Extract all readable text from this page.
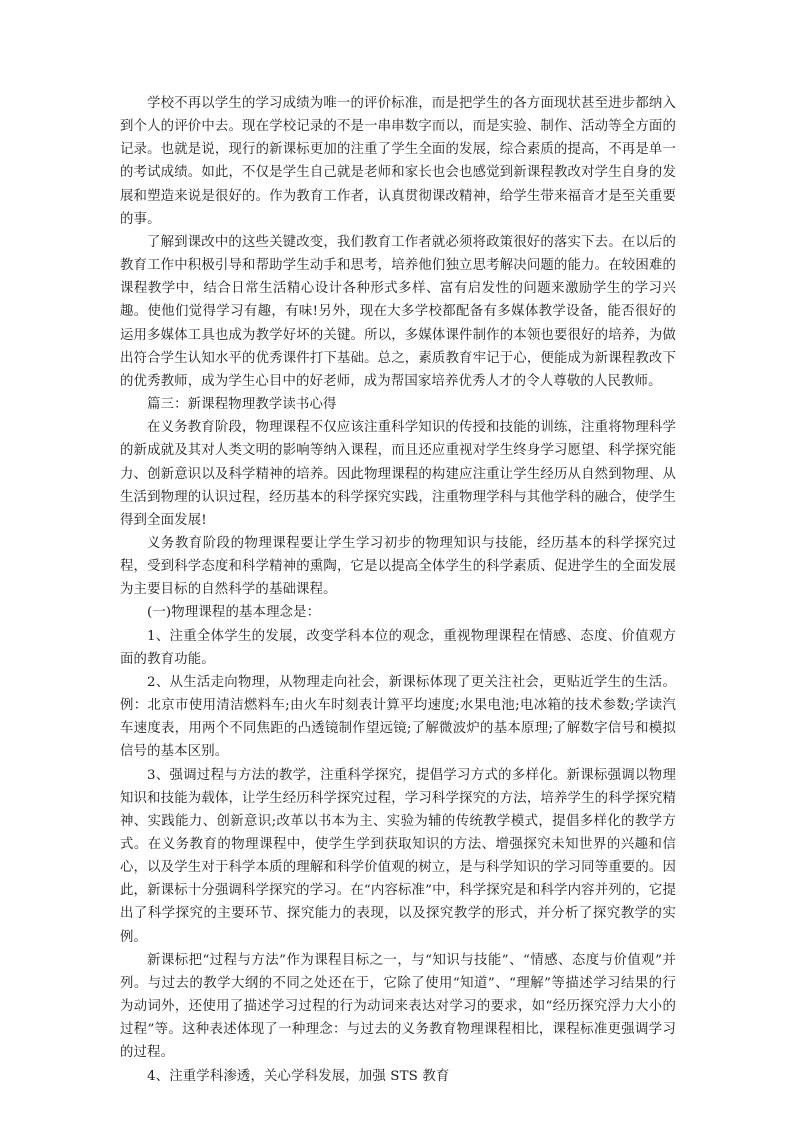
学校不再以学生的学习成绩为唯一的评价标准，而是把学生的各方面现状甚至进步都纳入到个人的评价中去。现在学校记录的不是一串串数字而以，而是实验、制作、活动等全方面的记录。也就是说，现行的新课标更加的注重了学生全面的发展，综合素质的提高，不再是单一的考试成绩。如此，不仅是学生自己就是老师和家长也会也感觉到新课程教改对学生自身的发展和塑造来说是很好的。作为教育工作者，认真贯彻课改精神，给学生带来福音才是至关重要的事。

了解到课改中的这些关键改变，我们教育工作者就必须将政策很好的落实下去。在以后的教育工作中积极引导和帮助学生动手和思考，培养他们独立思考解决问题的能力。在较困难的课程教学中，结合日常生活精心设计各种形式多样、富有启发性的问题来激励学生的学习兴趣。使他们觉得学习有趣，有味!另外，现在大多学校都配备有多媒体教学设备，能否很好的运用多媒体工具也成为教学好坏的关键。所以，多媒体课件制作的本领也要很好的培养，为做出符合学生认知水平的优秀课件打下基础。总之，素质教育牢记于心，便能成为新课程教改下的优秀教师，成为学生心目中的好老师，成为帮国家培养优秀人才的令人尊敬的人民教师。

篇三：新课程物理教学读书心得

在义务教育阶段，物理课程不仅应该注重科学知识的传授和技能的训练，注重将物理科学的新成就及其对人类文明的影响等纳入课程，而且还应重视对学生终身学习愿望、科学探究能力、创新意识以及科学精神的培养。因此物理课程的构建应注重让学生经历从自然到物理、从生活到物理的认识过程，经历基本的科学探究实践，注重物理学科与其他学科的融合，使学生得到全面发展!

义务教育阶段的物理课程要让学生学习初步的物理知识与技能，经历基本的科学探究过程，受到科学态度和科学精神的熏陶，它是以提高全体学生的科学素质、促进学生的全面发展为主要目标的自然科学的基础课程。

(一)物理课程的基本理念是：

1、注重全体学生的发展，改变学科本位的观念，重视物理课程在情感、态度、价值观方面的教育功能。

2、从生活走向物理，从物理走向社会，新课标体现了更关注社会，更贴近学生的生活。例：北京市使用清洁燃料车;由火车时刻表计算平均速度;水果电池;电冰箱的技术参数;学读汽车速度表，用两个不同焦距的凸透镜制作望远镜;了解微波炉的基本原理;了解数字信号和模拟信号的基本区别。

3、强调过程与方法的教学，注重科学探究，提倡学习方式的多样化。新课标强调以物理知识和技能为载体，让学生经历科学探究过程，学习科学探究的方法，培养学生的科学探究精神、实践能力、创新意识;改革以书本为主、实验为辅的传统教学模式，提倡多样化的教学方式。在义务教育的物理课程中，使学生学到获取知识的方法、增强探究未知世界的兴趣和信心，以及学生对于科学本质的理解和科学价值观的树立，是与科学知识的学习同等重要的。因此，新课标十分强调科学探究的学习。在“内容标准”中，科学探究是和科学内容并列的，它提出了科学探究的主要环节、探究能力的表现，以及探究教学的形式，并分析了探究教学的实例。

新课标把“过程与方法”作为课程目标之一，与“知识与技能”、“情感、态度与价值观”并列。与过去的教学大纲的不同之处还在于，它除了使用“知道”、“理解”等描述学习结果的行为动词外，还使用了描述学习过程的行为动词来表达对学习的要求，如“经历探究浮力大小的过程”等。这种表述体现了一种理念：与过去的义务教育物理课程相比，课程标准更强调学习的过程。

4、注重学科渗透，关心学科发展，加强 STS 教育
